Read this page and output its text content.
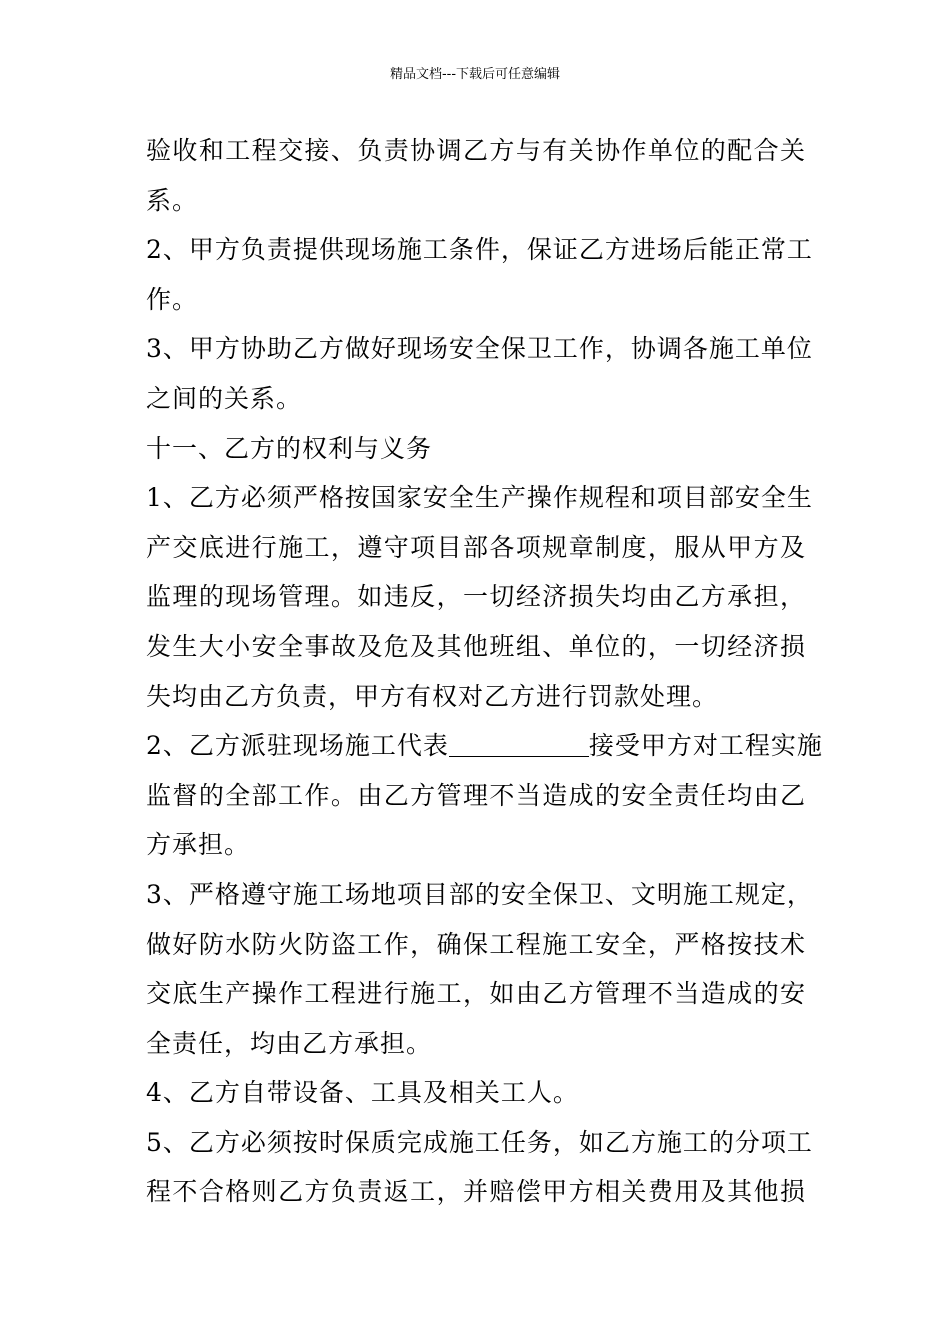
精品文档---下载后可任意编辑
验收和工程交接、负责协调乙方与有关协作单位的配合关
系。
2、甲方负责提供现场施工条件，保证乙方进场后能正常工
作。
3、甲方协助乙方做好现场安全保卫工作，协调各施工单位
之间的关系。
十一、乙方的权利与义务
1、乙方必须严格按国家安全生产操作规程和项目部安全生
产交底进行施工，遵守项目部各项规章制度，服从甲方及
监理的现场管理。如违反，一切经济损失均由乙方承担，
发生大小安全事故及危及其他班组、单位的，一切经济损
失均由乙方负责，甲方有权对乙方进行罚款处理。
2、乙方派驻现场施工代表	接受甲方对工程实施
监督的全部工作。由乙方管理不当造成的安全责任均由乙
方承担。
3、严格遵守施工场地项目部的安全保卫、文明施工规定，
做好防水防火防盗工作，确保工程施工安全，严格按技术
交底生产操作工程进行施工，如由乙方管理不当造成的安
全责任，均由乙方承担。
4、乙方自带设备、工具及相关工人。
5、乙方必须按时保质完成施工任务，如乙方施工的分项工
程不合格则乙方负责返工，并赔偿甲方相关费用及其他损
